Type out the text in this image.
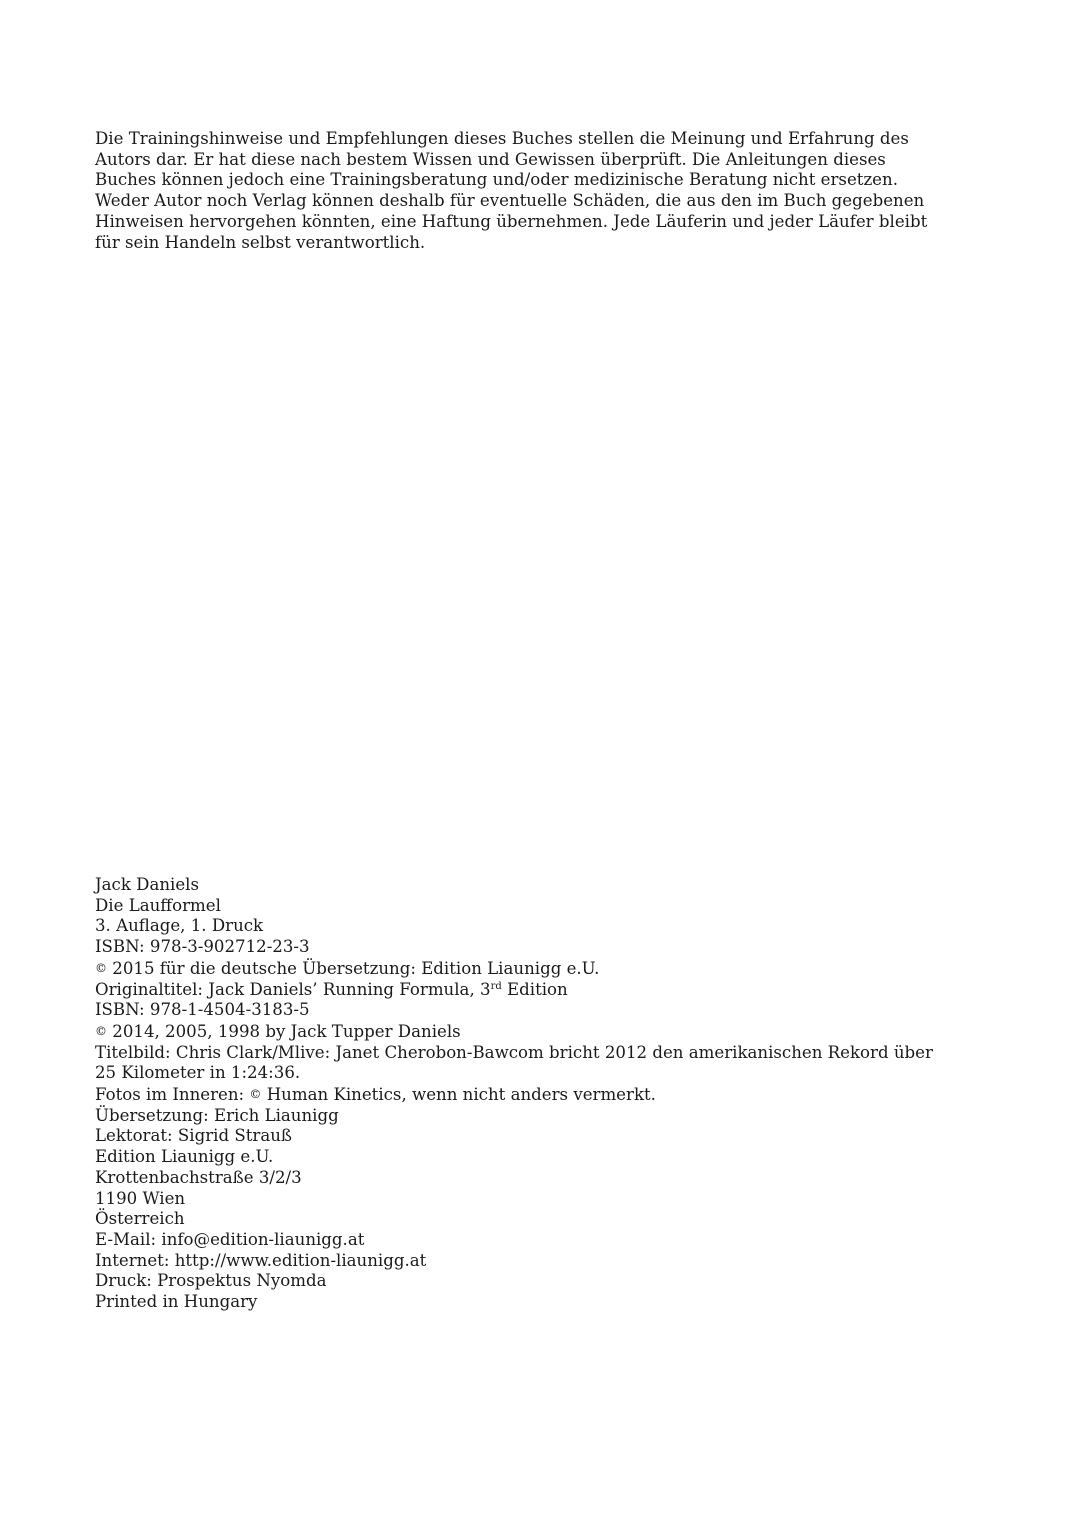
Die Trainingshinweise und Empfehlungen dieses Buches stellen die Meinung und Erfahrung des
Autors dar. Er hat diese nach bestem Wissen und Gewissen überprüft. Die Anleitungen dieses
Buches können jedoch eine Trainingsberatung und/oder medizinische Beratung nicht ersetzen.
Weder Autor noch Verlag können deshalb für eventuelle Schäden, die aus den im Buch gegebenen
Hinweisen hervorgehen könnten, eine Haftung übernehmen. Jede Läuferin und jeder Läufer bleibt
für sein Handeln selbst verantwortlich.
Jack Daniels
Die Laufformel
3. Auflage, 1. Druck
ISBN: 978-3-902712-23-3
© 2015 für die deutsche Übersetzung: Edition Liaunigg e.U.
Originaltitel: Jack Daniels’ Running Formula, 3rd Edition
ISBN: 978-1-4504-3183-5
© 2014, 2005, 1998 by Jack Tupper Daniels
Titelbild: Chris Clark/Mlive: Janet Cherobon-Bawcom bricht 2012 den amerikanischen Rekord über
25 Kilometer in 1:24:36.
Fotos im Inneren: © Human Kinetics, wenn nicht anders vermerkt.
Übersetzung: Erich Liaunigg
Lektorat: Sigrid Strauß
Edition Liaunigg e.U.
Krottenbachstraße 3/2/3
1190 Wien
Österreich
E-Mail: info@edition-liaunigg.at
Internet: http://www.edition-liaunigg.at
Druck: Prospektus Nyomda
Printed in Hungary
